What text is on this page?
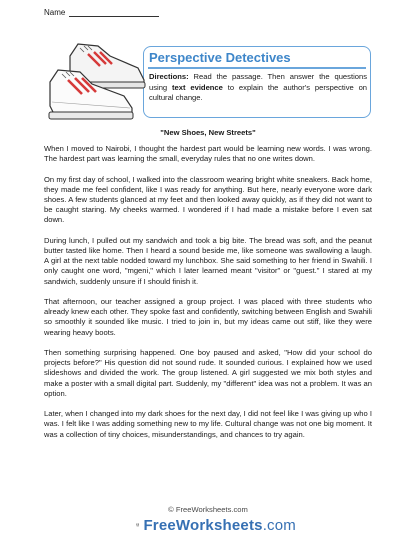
Name
Perspective Detectives
Directions: Read the passage. Then answer the questions using text evidence to explain the author's perspective on cultural change.
"New Shoes, New Streets"

When I moved to Nairobi, I thought the hardest part would be learning new words. I was wrong. The hardest part was learning the small, everyday rules that no one writes down.

On my first day of school, I walked into the classroom wearing bright white sneakers. Back home, they made me feel confident, like I was ready for anything. But here, nearly everyone wore dark shoes. A few students glanced at my feet and then looked away quickly, as if they did not want to be caught staring. My cheeks warmed. I wondered if I had made a mistake before I even sat down.

During lunch, I pulled out my sandwich and took a big bite. The bread was soft, and the peanut butter tasted like home. Then I heard a sound beside me, like someone was swallowing a laugh. A girl at the next table nodded toward my lunchbox. She said something to her friend in Swahili. I only caught one word, "mgeni," which I later learned meant "visitor" or "guest." I stared at my sandwich, suddenly unsure if I should finish it.

That afternoon, our teacher assigned a group project. I was placed with three students who already knew each other. They spoke fast and confidently, switching between English and Swahili so smoothly it sounded like music. I tried to join in, but my ideas came out stiff, like they were wearing heavy boots.

Then something surprising happened. One boy paused and asked, "How did your school do projects before?" His question did not sound rude. It sounded curious. I explained how we used slideshows and divided the work. The group listened. A girl suggested we mix both styles and make a poster with a small digital part. Suddenly, my "different" idea was not a problem. It was an option.

Later, when I changed into my dark shoes for the next day, I did not feel like I was giving up who I was. I felt like I was adding something new to my life. Cultural change was not one big moment. It was a collection of tiny choices, misunderstandings, and chances to try again.

© FreeWorksheets.com
FreeWorksheets.com
